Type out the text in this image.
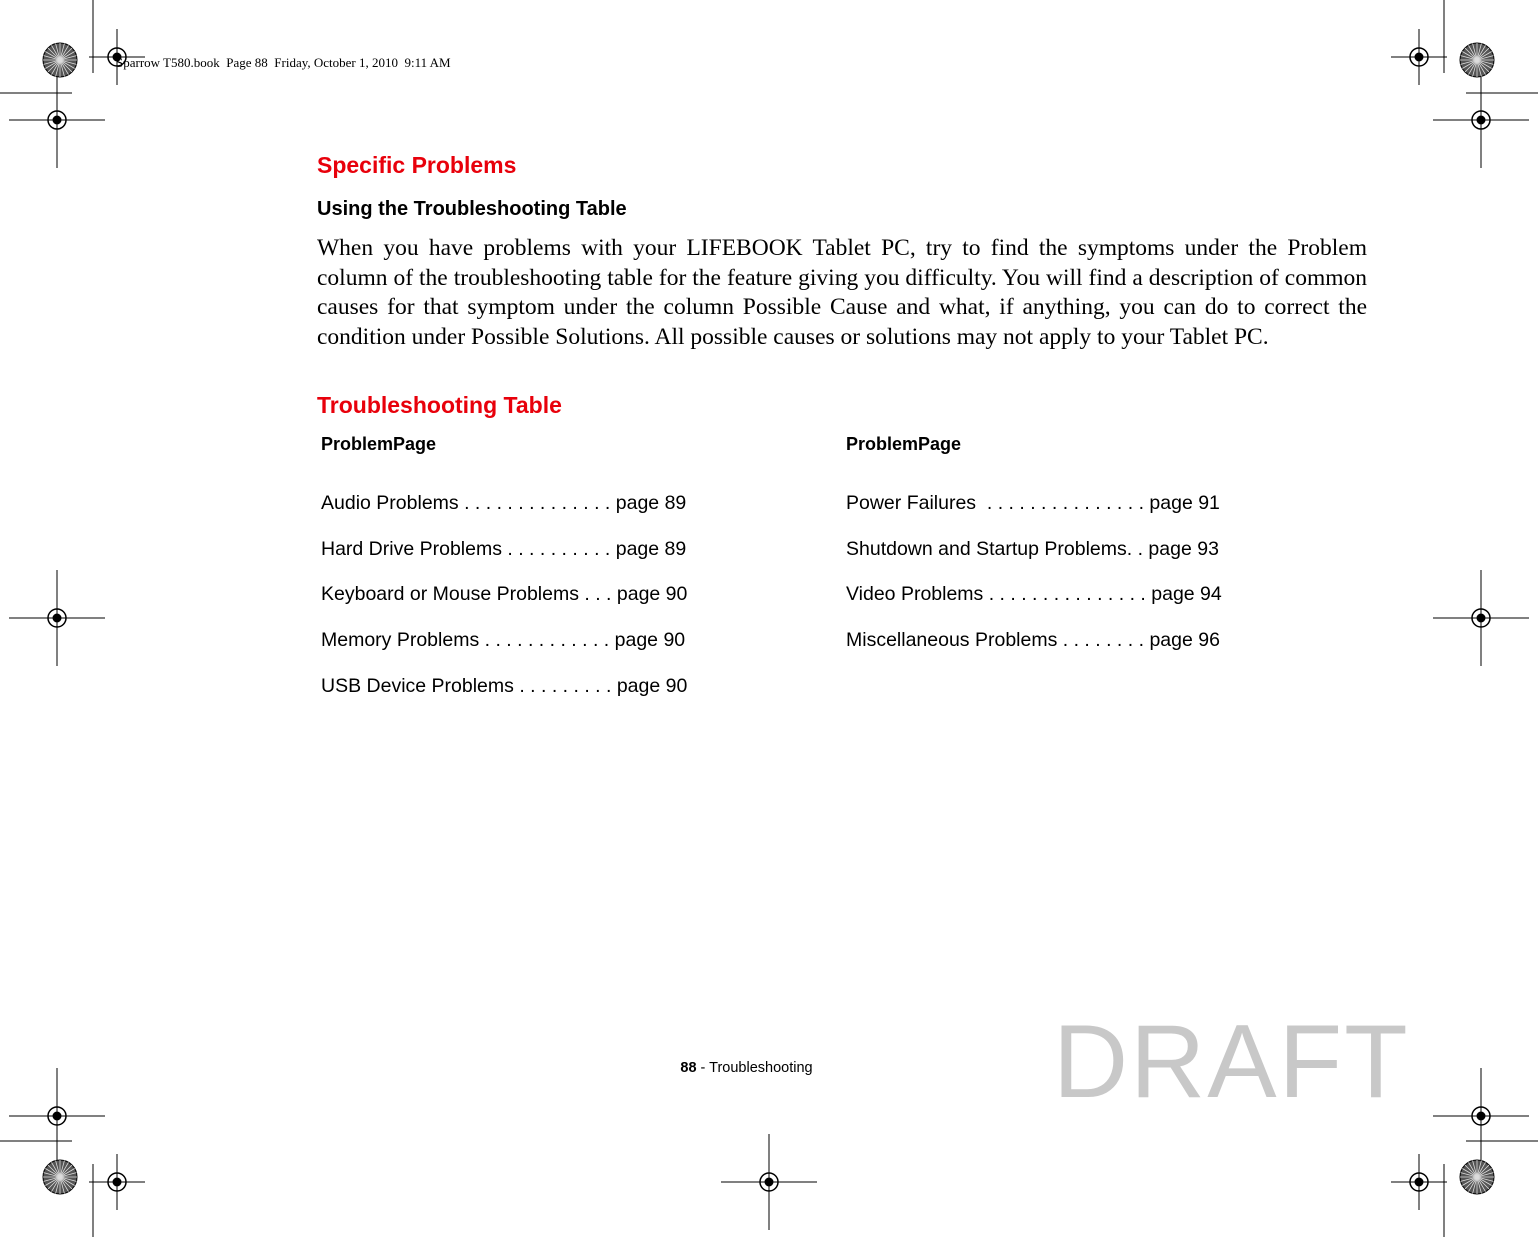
Sparrow T580.book  Page 88  Friday, October 1, 2010  9:11 AM
Specific Problems
Using the Troubleshooting Table
When you have problems with your LIFEBOOK Tablet PC, try to find the symptoms under the Problem column of the troubleshooting table for the feature giving you difficulty. You will find a description of common causes for that symptom under the column Possible Cause and what, if anything, you can do to correct the condition under Possible Solutions. All possible causes or solutions may not apply to your Tablet PC.
Troubleshooting Table
ProblemPage	ProblemPage
Audio Problems . . . . . . . . . . . . . . page 89
Hard Drive Problems . . . . . . . . . . page 89
Keyboard or Mouse Problems . . . page 90
Memory Problems . . . . . . . . . . . . page 90
USB Device Problems . . . . . . . . . page 90
Power Failures  . . . . . . . . . . . . . . . page 91
Shutdown and Startup Problems. . page 93
Video Problems . . . . . . . . . . . . . . . page 94
Miscellaneous Problems . . . . . . . . page 96
88 - Troubleshooting	DRAFT
